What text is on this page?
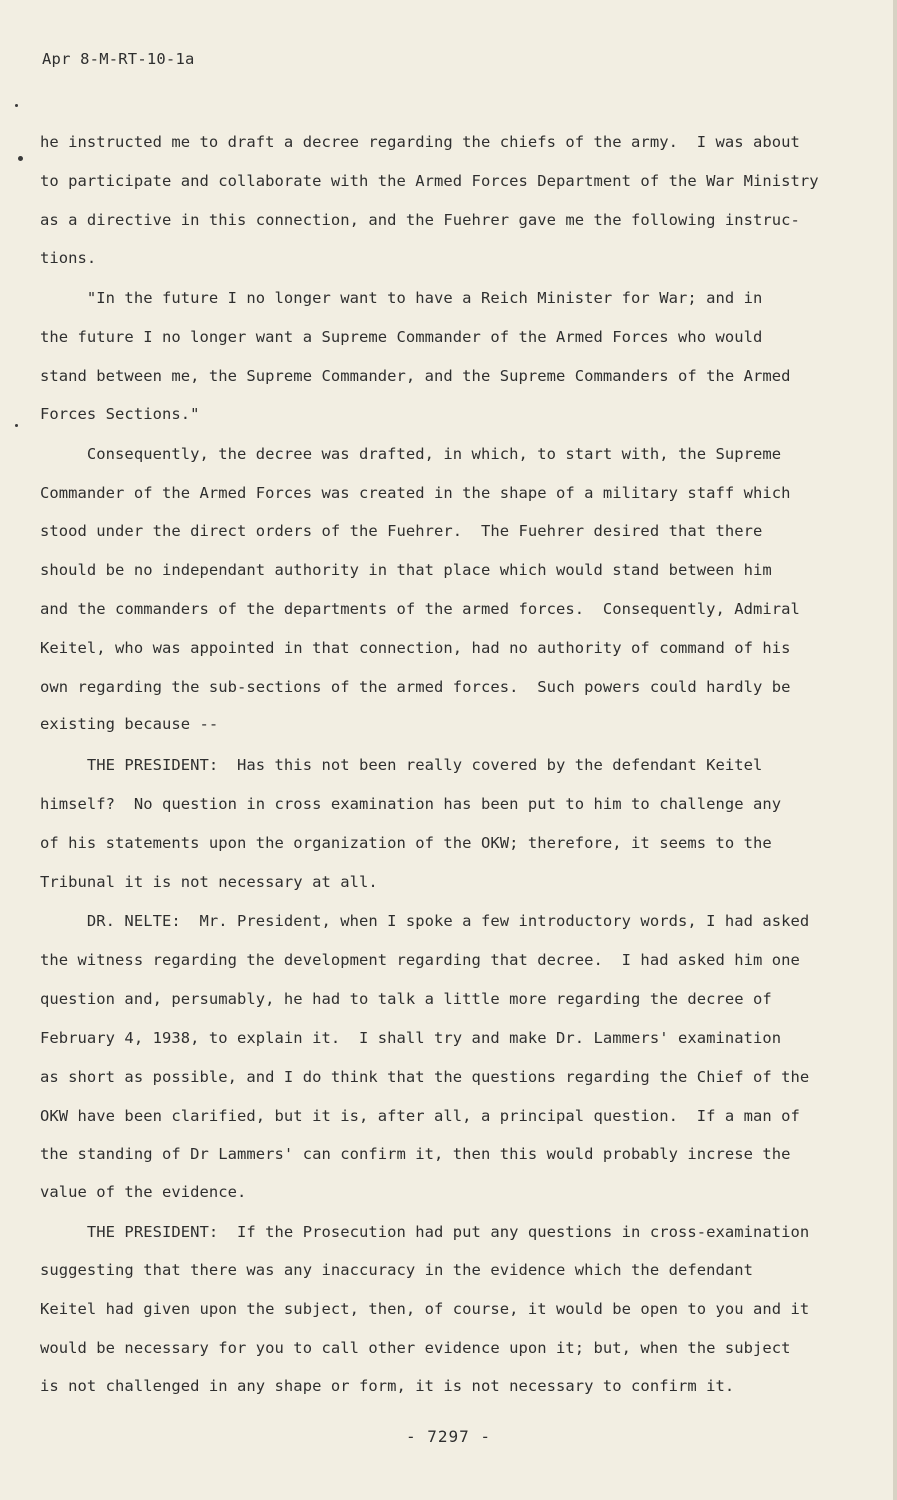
Apr 8-M-RT-10-1a
he instructed me to draft a decree regarding the chiefs of the army.  I was about
to participate and collaborate with the Armed Forces Department of the War Ministry
as a directive in this connection, and the Fuehrer gave me the following instruc-
tions.
"In the future I no longer want to have a Reich Minister for War; and in
the future I no longer want a Supreme Commander of the Armed Forces who would
stand between me, the Supreme Commander, and the Supreme Commanders of the Armed
Forces Sections."
Consequently, the decree was drafted, in which, to start with, the Supreme
Commander of the Armed Forces was created in the shape of a military staff which
stood under the direct orders of the Fuehrer.  The Fuehrer desired that there
should be no independant authority in that place which would stand between him
and the commanders of the departments of the armed forces.  Consequently, Admiral
Keitel, who was appointed in that connection, had no authority of command of his
own regarding the sub-sections of the armed forces.  Such powers could hardly be
existing because --
THE PRESIDENT:  Has this not been really covered by the defendant Keitel
himself?  No question in cross examination has been put to him to challenge any
of his statements upon the organization of the OKW; therefore, it seems to the
Tribunal it is not necessary at all.
DR. NELTE:  Mr. President, when I spoke a few introductory words, I had asked
the witness regarding the development regarding that decree.  I had asked him one
question and, persumably, he had to talk a little more regarding the decree of
February 4, 1938, to explain it.  I shall try and make Dr. Lammers' examination
as short as possible, and I do think that the questions regarding the Chief of the
OKW have been clarified, but it is, after all, a principal question.  If a man of
the standing of Dr Lammers' can confirm it, then this would probably increse the
value of the evidence.
THE PRESIDENT:  If the Prosecution had put any questions in cross-examination
suggesting that there was any inaccuracy in the evidence which the defendant
Keitel had given upon the subject, then, of course, it would be open to you and it
would be necessary for you to call other evidence upon it; but, when the subject
is not challenged in any shape or form, it is not necessary to confirm it.
- 7297 -
